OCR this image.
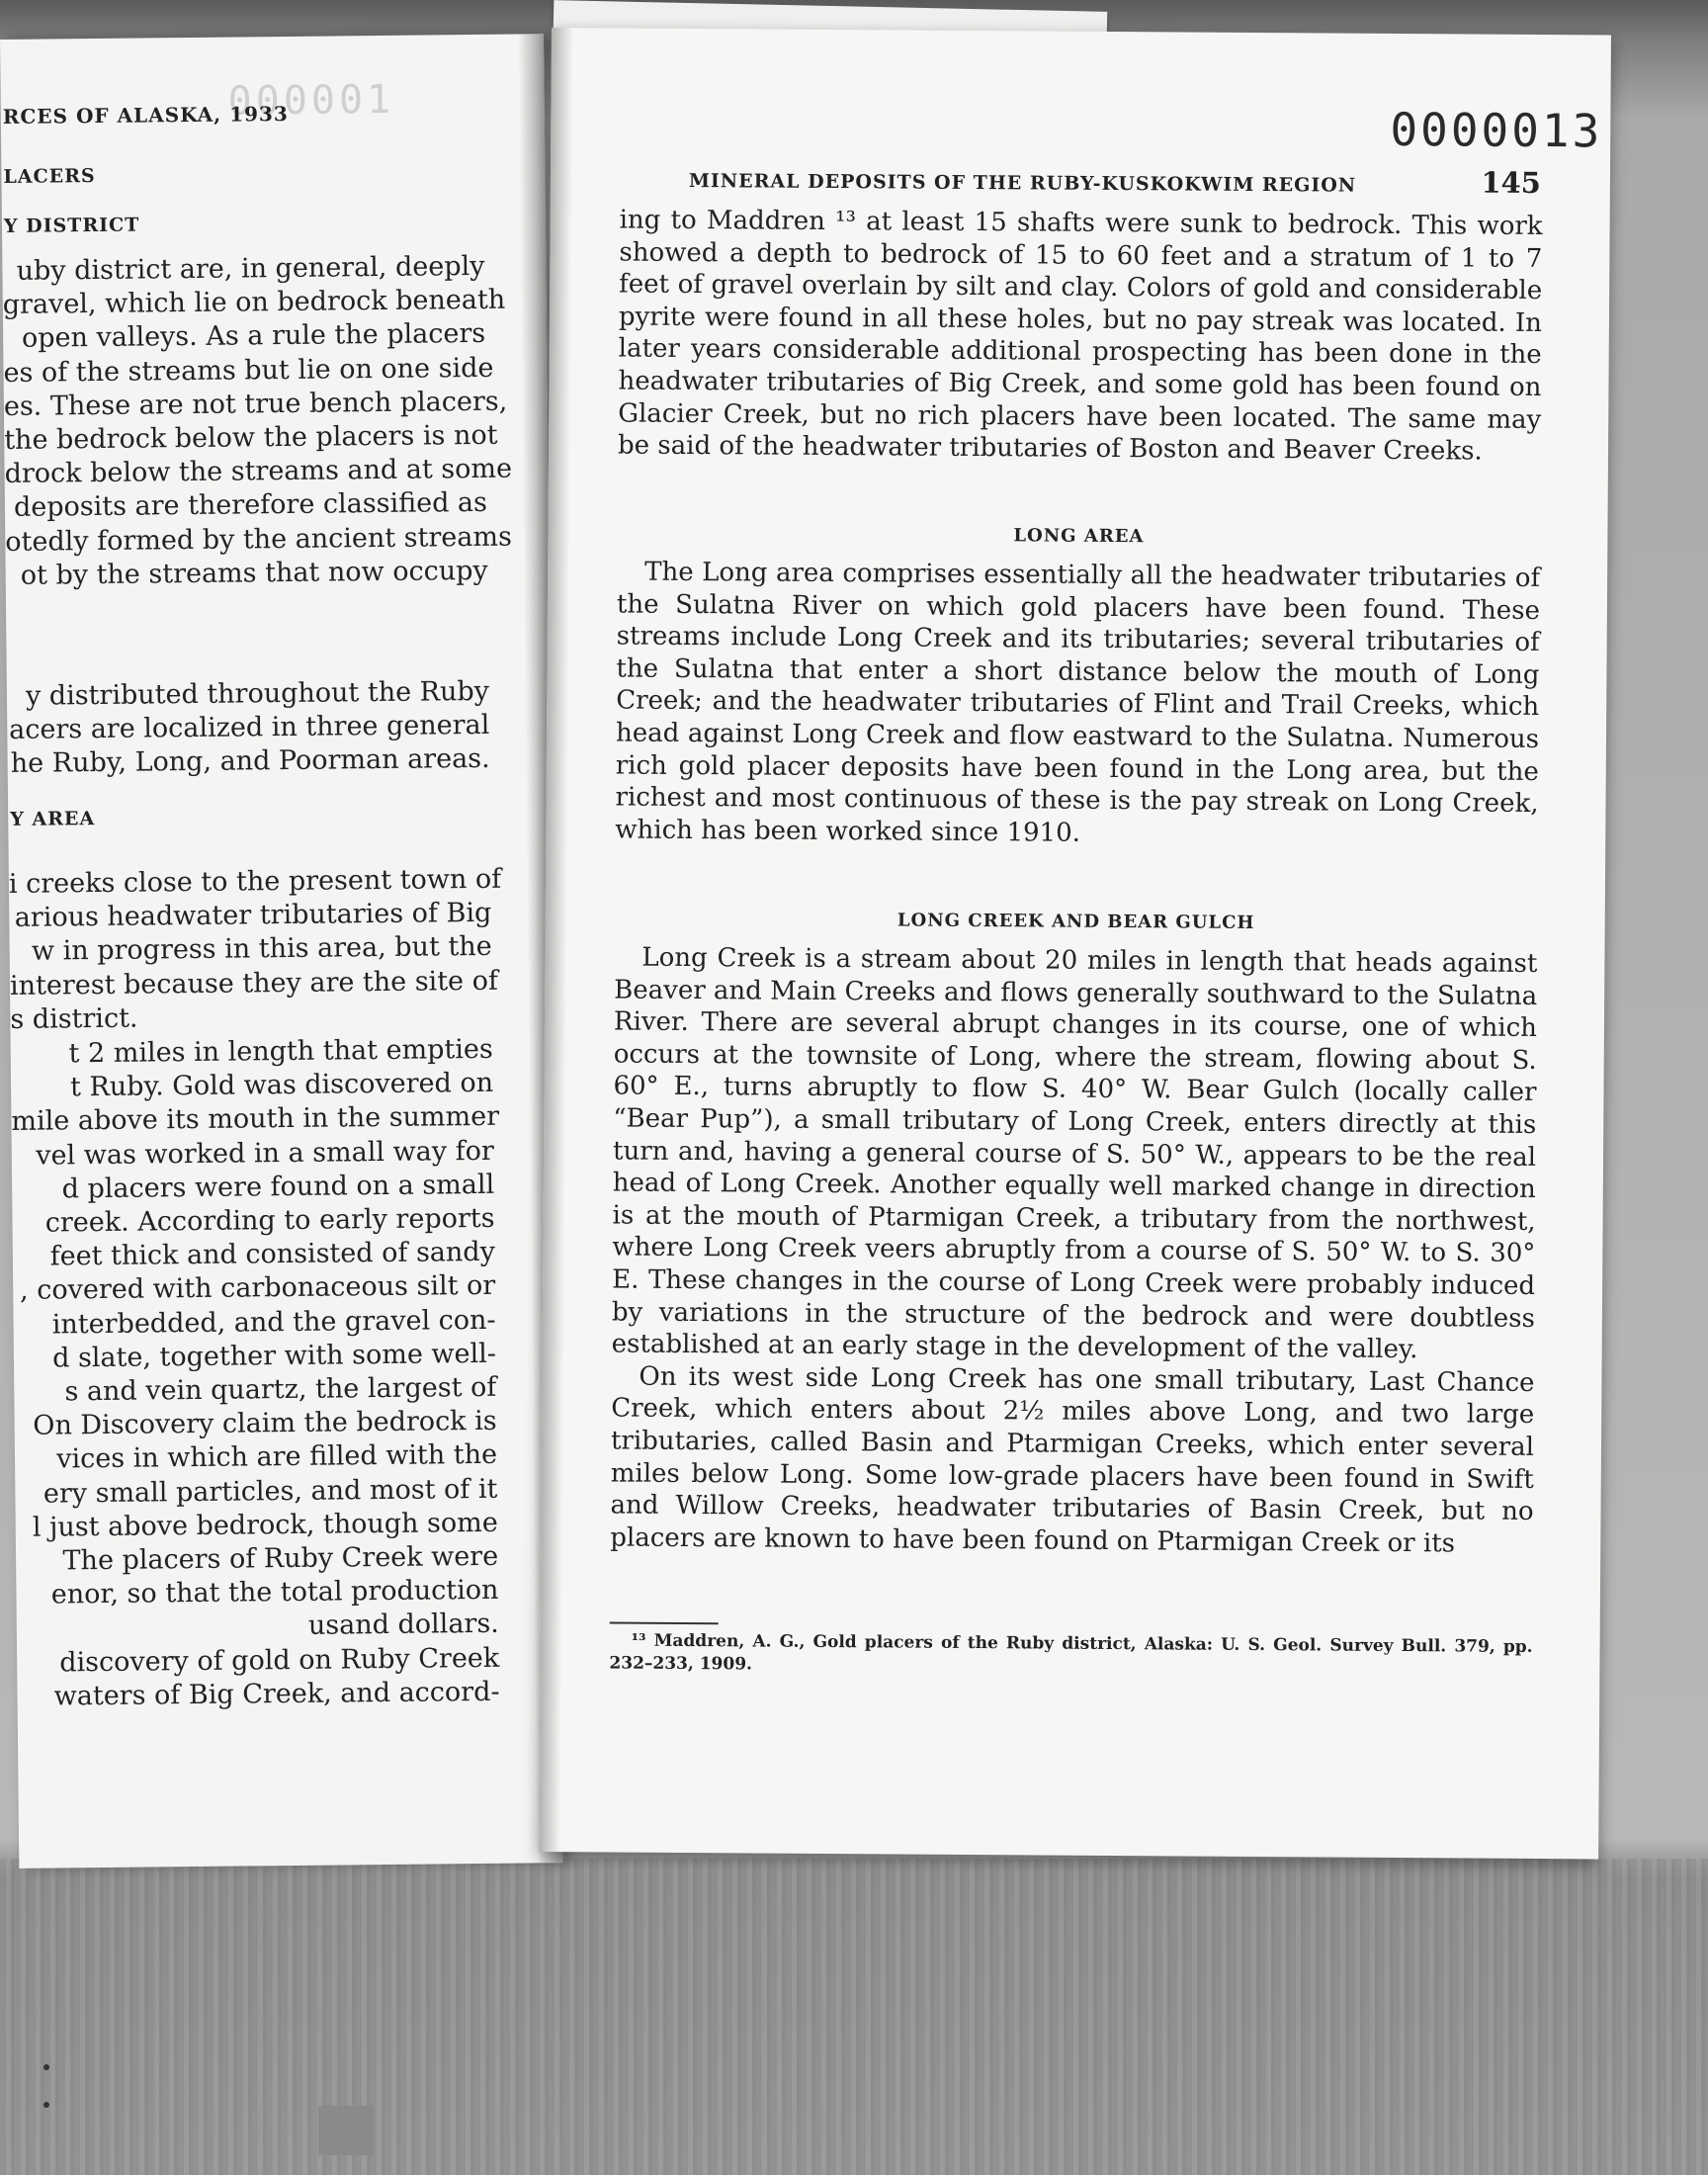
000001
RCES OF ALASKA, 1933
LACERS
Y DISTRICT
uby district are, in general, deeply
gravel, which lie on bedrock beneath
open valleys. As a rule the placers
es of the streams but lie on one side
es. These are not true bench placers,
the bedrock below the placers is not
drock below the streams and at some
deposits are therefore classified as
otedly formed by the ancient streams
ot by the streams that now occupy
y distributed throughout the Ruby
acers are localized in three general
he Ruby, Long, and Poorman areas.
Y AREA
i creeks close to the present town of
arious headwater tributaries of Big
w in progress in this area, but the
interest because they are the site of
s district.
t 2 miles in length that empties
t Ruby. Gold was discovered on
mile above its mouth in the summer
vel was worked in a small way for
d placers were found on a small
creek. According to early reports
feet thick and consisted of sandy
, covered with carbonaceous silt or
interbedded, and the gravel con-
d slate, together with some well-
s and vein quartz, the largest of
On Discovery claim the bedrock is
vices in which are filled with the
ery small particles, and most of it
l just above bedrock, though some
The placers of Ruby Creek were
enor, so that the total production
usand dollars.
discovery of gold on Ruby Creek
waters of Big Creek, and accord-
0000013
MINERAL DEPOSITS OF THE RUBY-KUSKOKWIM REGION	145

ing to Maddren ¹³ at least 15 shafts were sunk to bedrock. This work showed a depth to bedrock of 15 to 60 feet and a stratum of 1 to 7 feet of gravel overlain by silt and clay. Colors of gold and considerable pyrite were found in all these holes, but no pay streak was located. In later years considerable additional prospecting has been done in the headwater tributaries of Big Creek, and some gold has been found on Glacier Creek, but no rich placers have been located. The same may be said of the headwater tributaries of Boston and Beaver Creeks.

LONG AREA

The Long area comprises essentially all the headwater tributaries of the Sulatna River on which gold placers have been found. These streams include Long Creek and its tributaries; several tributaries of the Sulatna that enter a short distance below the mouth of Long Creek; and the headwater tributaries of Flint and Trail Creeks, which head against Long Creek and flow eastward to the Sulatna. Numerous rich gold placer deposits have been found in the Long area, but the richest and most continuous of these is the pay streak on Long Creek, which has been worked since 1910.

LONG CREEK AND BEAR GULCH

Long Creek is a stream about 20 miles in length that heads against Beaver and Main Creeks and flows generally southward to the Sulatna River. There are several abrupt changes in its course, one of which occurs at the townsite of Long, where the stream, flowing about S. 60° E., turns abruptly to flow S. 40° W. Bear Gulch (locally caller “Bear Pup”), a small tributary of Long Creek, enters directly at this turn and, having a general course of S. 50° W., appears to be the real head of Long Creek. Another equally well marked change in direction is at the mouth of Ptarmigan Creek, a tributary from the northwest, where Long Creek veers abruptly from a course of S. 50° W. to S. 30° E. These changes in the course of Long Creek were probably induced by variations in the structure of the bedrock and were doubtless established at an early stage in the development of the valley.

On its west side Long Creek has one small tributary, Last Chance Creek, which enters about 2½ miles above Long, and two large tributaries, called Basin and Ptarmigan Creeks, which enter several miles below Long. Some low-grade placers have been found in Swift and Willow Creeks, headwater tributaries of Basin Creek, but no placers are known to have been found on Ptarmigan Creek or its

¹³ Maddren, A. G., Gold placers of the Ruby district, Alaska: U. S. Geol. Survey Bull. 379, pp. 232–233, 1909.
